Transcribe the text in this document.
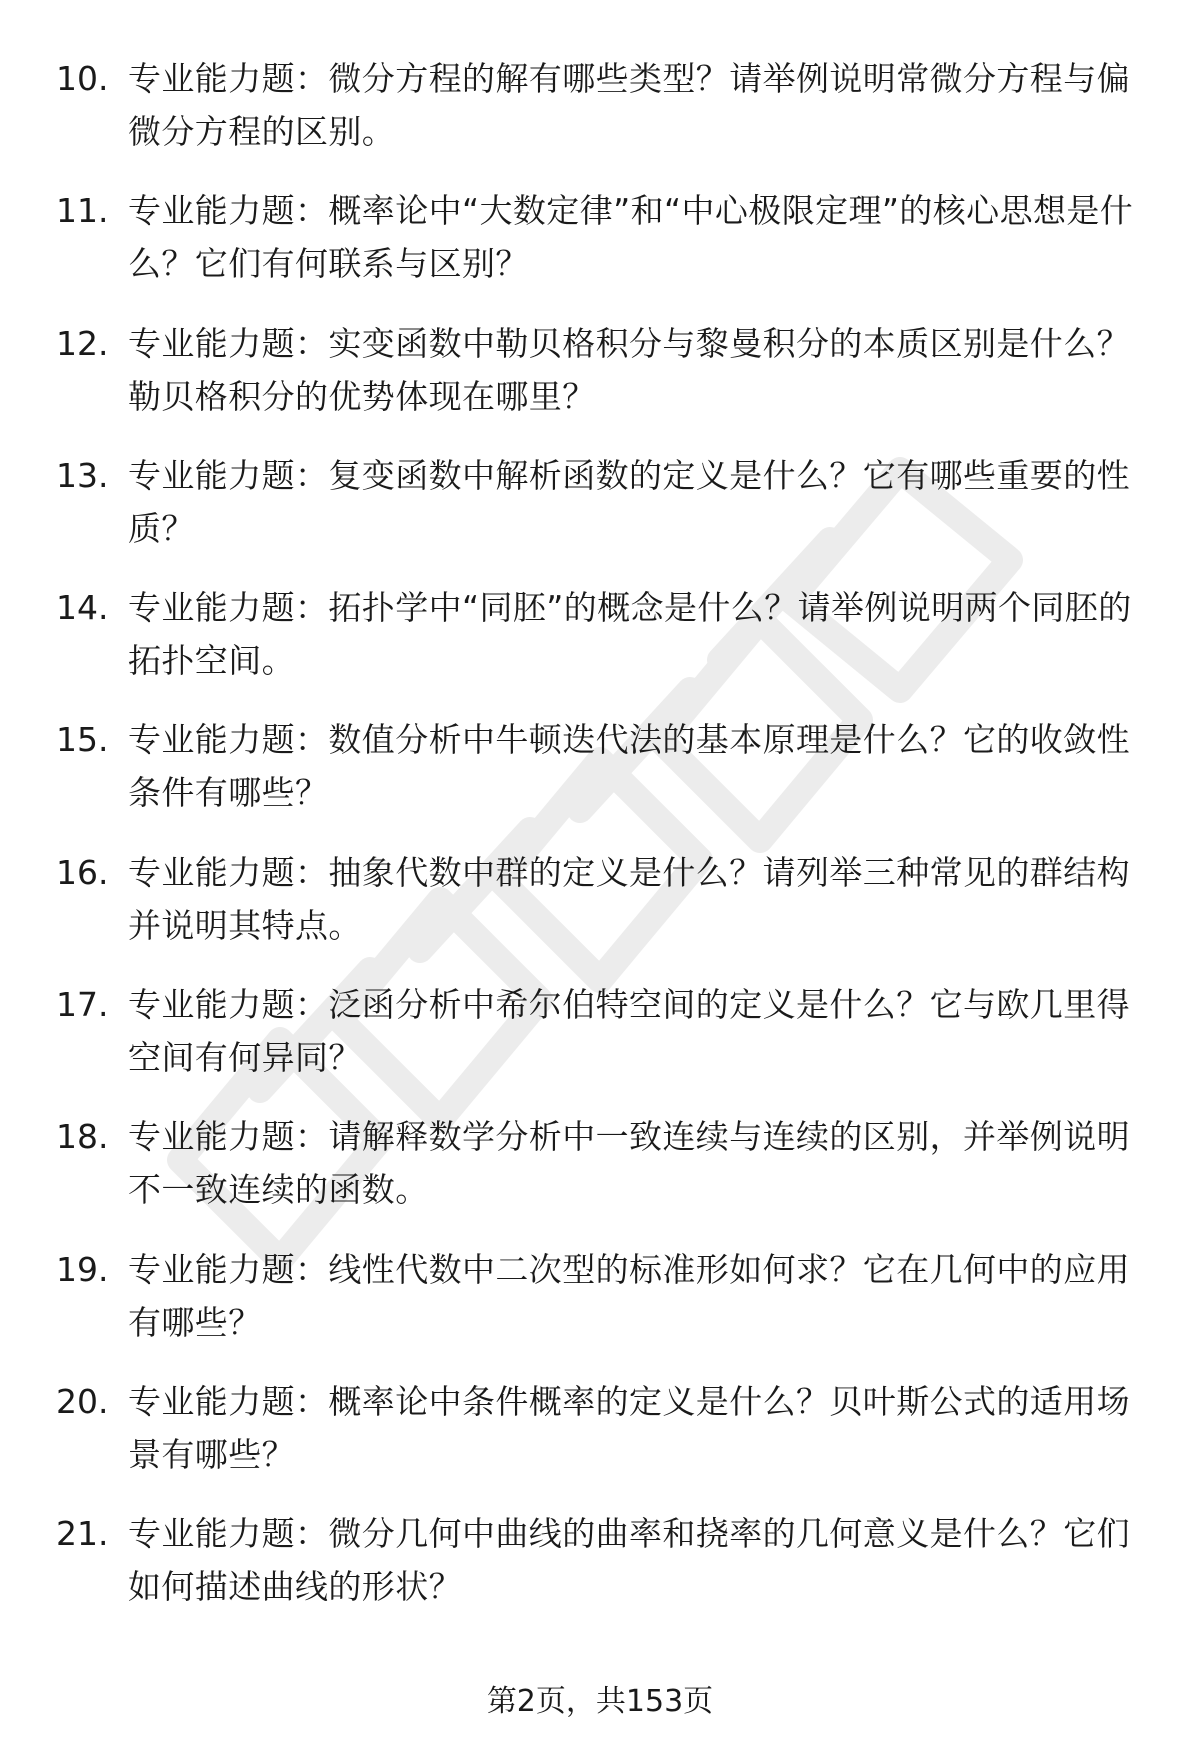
10. 专业能力题：微分方程的解有哪些类型？请举例说明常微分方程与偏微分方程的区别。
11. 专业能力题：概率论中“大数定律”和“中心极限定理”的核心思想是什么？它们有何联系与区别？
12. 专业能力题：实变函数中勒贝格积分与黎曼积分的本质区别是什么？勒贝格积分的优势体现在哪里？
13. 专业能力题：复变函数中解析函数的定义是什么？它有哪些重要的性质？
14. 专业能力题：拓扑学中“同胚”的概念是什么？请举例说明两个同胚的拓扑空间。
15. 专业能力题：数值分析中牛顿迭代法的基本原理是什么？它的收敛性条件有哪些？
16. 专业能力题：抽象代数中群的定义是什么？请列举三种常见的群结构并说明其特点。
17. 专业能力题：泛函分析中希尔伯特空间的定义是什么？它与欧几里得空间有何异同？
18. 专业能力题：请解释数学分析中一致连续与连续的区别，并举例说明不一致连续的函数。
19. 专业能力题：线性代数中二次型的标准形如何求？它在几何中的应用有哪些？
20. 专业能力题：概率论中条件概率的定义是什么？贝叶斯公式的适用场景有哪些？
21. 专业能力题：微分几何中曲线的曲率和挠率的几何意义是什么？它们如何描述曲线的形状？
第2页，共153页
